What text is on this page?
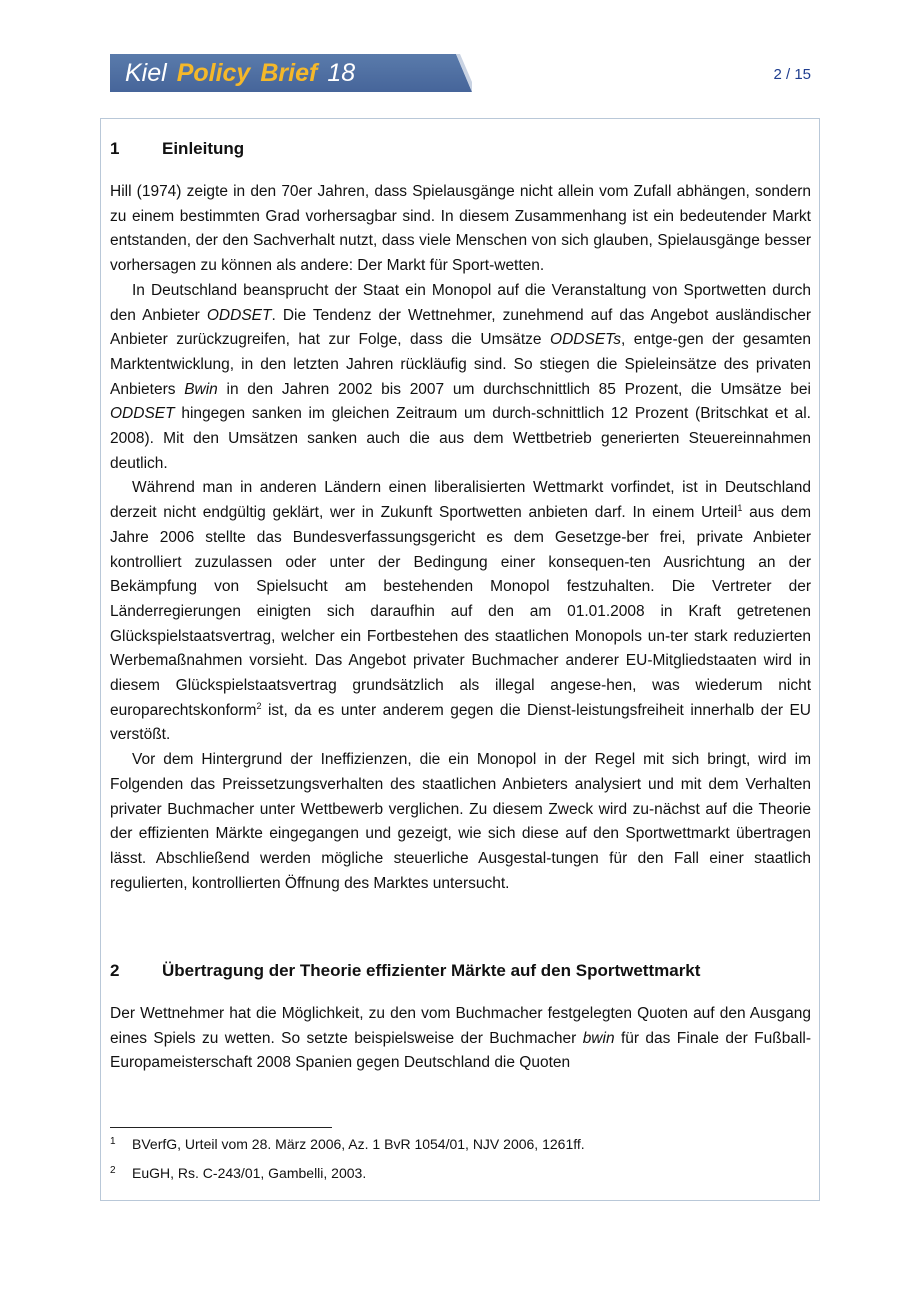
Kiel Policy Brief 18	2 / 15
1	Einleitung

Hill (1974) zeigte in den 70er Jahren, dass Spielausgänge nicht allein vom Zufall abhängen, sondern zu einem bestimmten Grad vorhersagbar sind. In diesem Zusammenhang ist ein bedeutender Markt entstanden, der den Sachverhalt nutzt, dass viele Menschen von sich glauben, Spielausgänge besser vorhersagen zu können als andere: Der Markt für Sport-wetten.

In Deutschland beansprucht der Staat ein Monopol auf die Veranstaltung von Sportwetten durch den Anbieter ODDSET. Die Tendenz der Wettnehmer, zunehmend auf das Angebot ausländischer Anbieter zurückzugreifen, hat zur Folge, dass die Umsätze ODDSETs, entge-gen der gesamten Marktentwicklung, in den letzten Jahren rückläufig sind. So stiegen die Spieleinsätze des privaten Anbieters Bwin in den Jahren 2002 bis 2007 um durchschnittlich 85 Prozent, die Umsätze bei ODDSET hingegen sanken im gleichen Zeitraum um durch-schnittlich 12 Prozent (Britschkat et al. 2008). Mit den Umsätzen sanken auch die aus dem Wettbetrieb generierten Steuereinnahmen deutlich.

Während man in anderen Ländern einen liberalisierten Wettmarkt vorfindet, ist in Deutschland derzeit nicht endgültig geklärt, wer in Zukunft Sportwetten anbieten darf. In einem Urteil$^1$ aus dem Jahre 2006 stellte das Bundesverfassungsgericht es dem Gesetzge-ber frei, private Anbieter kontrolliert zuzulassen oder unter der Bedingung einer konsequen-ten Ausrichtung an der Bekämpfung von Spielsucht am bestehenden Monopol festzuhalten. Die Vertreter der Länderregierungen einigten sich daraufhin auf den am 01.01.2008 in Kraft getretenen Glückspielstaatsvertrag, welcher ein Fortbestehen des staatlichen Monopols un-ter stark reduzierten Werbemaßnahmen vorsieht. Das Angebot privater Buchmacher anderer EU-Mitgliedstaaten wird in diesem Glückspielstaatsvertrag grundsätzlich als illegal angese-hen, was wiederum nicht europarechtskonform$^2$ ist, da es unter anderem gegen die Dienst-leistungsfreiheit innerhalb der EU verstößt.

Vor dem Hintergrund der Ineffizienzen, die ein Monopol in der Regel mit sich bringt, wird im Folgenden das Preissetzungsverhalten des staatlichen Anbieters analysiert und mit dem Verhalten privater Buchmacher unter Wettbewerb verglichen. Zu diesem Zweck wird zu-nächst auf die Theorie der effizienten Märkte eingegangen und gezeigt, wie sich diese auf den Sportwettmarkt übertragen lässt. Abschließend werden mögliche steuerliche Ausgestal-tungen für den Fall einer staatlich regulierten, kontrollierten Öffnung des Marktes untersucht.

2	Übertragung der Theorie effizienter Märkte auf den Sportwettmarkt

Der Wettnehmer hat die Möglichkeit, zu den vom Buchmacher festgelegten Quoten auf den Ausgang eines Spiels zu wetten. So setzte beispielsweise der Buchmacher bwin für das Finale der Fußball-Europameisterschaft 2008 Spanien gegen Deutschland die Quoten

1 BVerfG, Urteil vom 28. März 2006, Az. 1 BvR 1054/01, NJV 2006, 1261ff.
2 EuGH, Rs. C-243/01, Gambelli, 2003.
